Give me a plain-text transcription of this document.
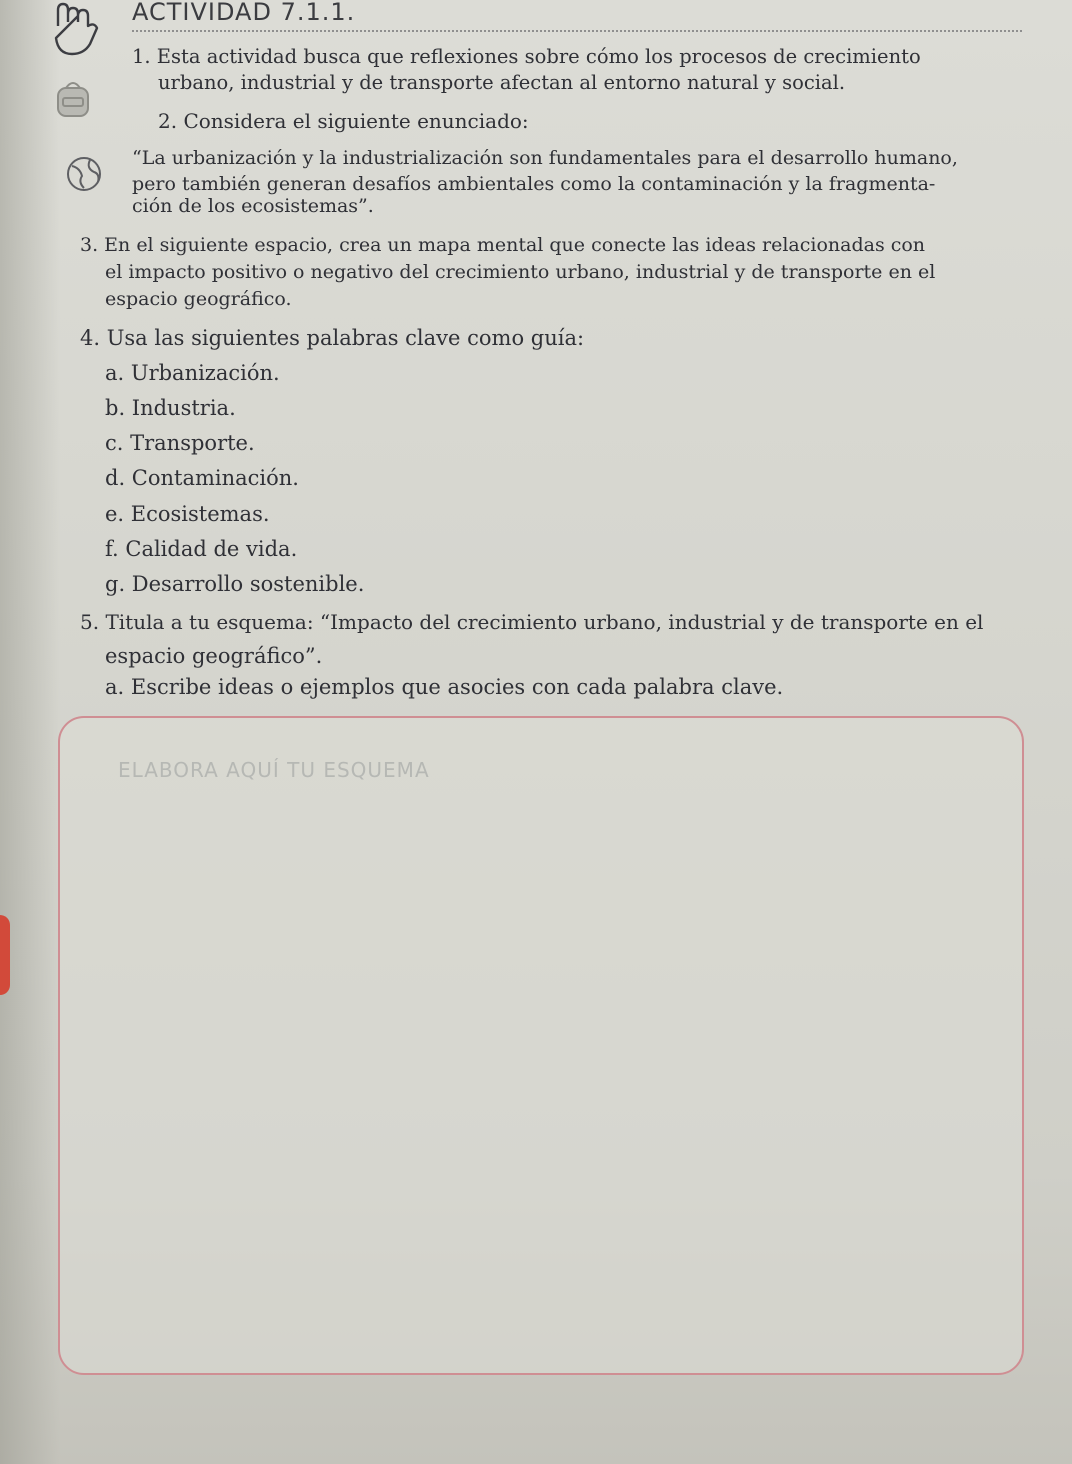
ACTIVIDAD 7.1.1.
1. Esta actividad busca que reflexiones sobre cómo los procesos de crecimiento
urbano, industrial y de transporte afectan al entorno natural y social.
2. Considera el siguiente enunciado:
“La urbanización y la industrialización son fundamentales para el desarrollo humano,
pero también generan desafíos ambientales como la contaminación y la fragmenta-
ción de los ecosistemas”.
3. En el siguiente espacio, crea un mapa mental que conecte las ideas relacionadas con
el impacto positivo o negativo del crecimiento urbano, industrial y de transporte en el
espacio geográfico.
4. Usa las siguientes palabras clave como guía:
a. Urbanización.
b. Industria.
c. Transporte.
d. Contaminación.
e. Ecosistemas.
f. Calidad de vida.
g. Desarrollo sostenible.
5. Titula a tu esquema: “Impacto del crecimiento urbano, industrial y de transporte en el
espacio geográfico”.
a. Escribe ideas o ejemplos que asocies con cada palabra clave.
ELABORA AQUÍ TU ESQUEMA
